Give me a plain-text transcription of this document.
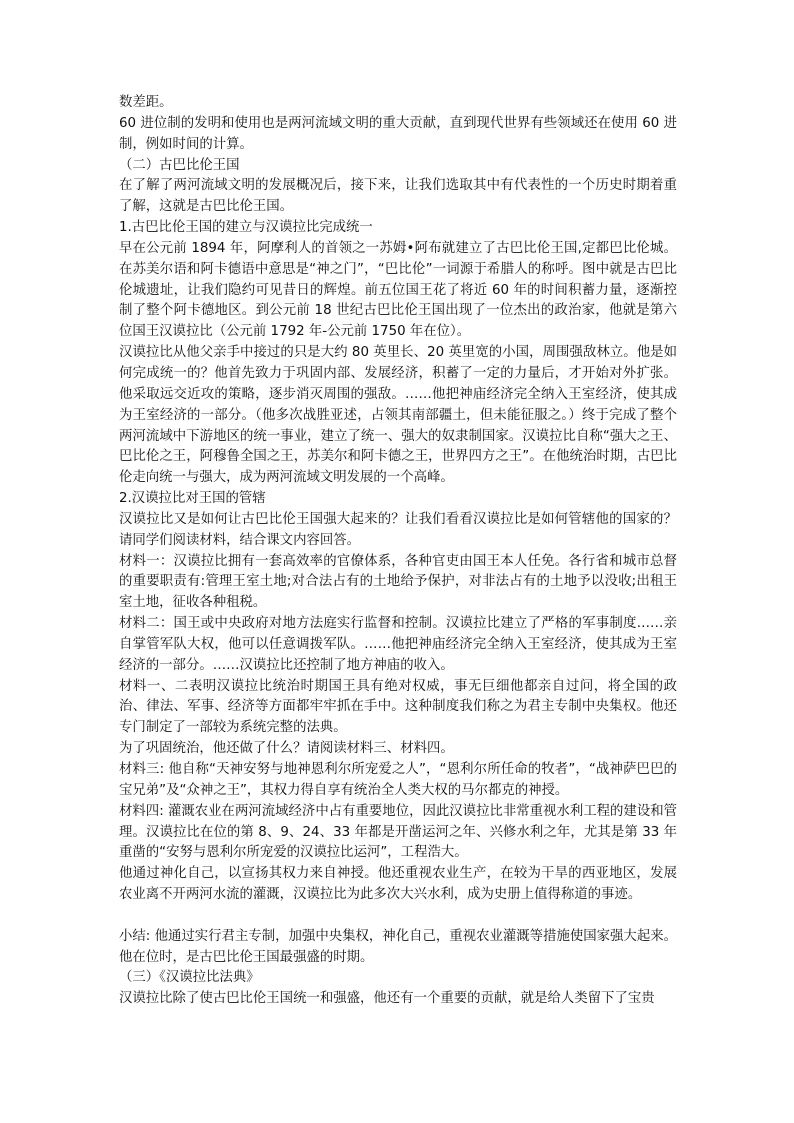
数差距。

60 进位制的发明和使用也是两河流域文明的重大贡献，直到现代世界有些领域还在使用 60 进制，例如时间的计算。

（二）古巴比伦王国

在了解了两河流域文明的发展概况后，接下来，让我们选取其中有代表性的一个历史时期着重了解，这就是古巴比伦王国。

1.古巴比伦王国的建立与汉谟拉比完成统一

早在公元前 1894 年，阿摩利人的首领之一苏姆•阿布就建立了古巴比伦王国,定都巴比伦城。在苏美尔语和阿卡德语中意思是“神之门”，“巴比伦”一词源于希腊人的称呼。图中就是古巴比伦城遗址，让我们隐约可见昔日的辉煌。前五位国王花了将近 60 年的时间积蓄力量，逐渐控制了整个阿卡德地区。到公元前 18 世纪古巴比伦王国出现了一位杰出的政治家，他就是第六位国王汉谟拉比（公元前 1792 年-公元前 1750 年在位）。

汉谟拉比从他父亲手中接过的只是大约 80 英里长、20 英里宽的小国，周围强敌林立。他是如何完成统一的？他首先致力于巩固内部、发展经济，积蓄了一定的力量后，才开始对外扩张。他采取远交近攻的策略，逐步消灭周围的强敌。……他把神庙经济完全纳入王室经济，使其成为王室经济的一部分。（他多次战胜亚述，占领其南部疆土，但未能征服之。）终于完成了整个两河流域中下游地区的统一事业，建立了统一、强大的奴隶制国家。汉谟拉比自称“强大之王、巴比伦之王，阿穆鲁全国之王，苏美尔和阿卡德之王，世界四方之王”。在他统治时期，古巴比伦走向统一与强大，成为两河流域文明发展的一个高峰。

2.汉谟拉比对王国的管辖

汉谟拉比又是如何让古巴比伦王国强大起来的？让我们看看汉谟拉比是如何管辖他的国家的？请同学们阅读材料，结合课文内容回答。

材料一：汉谟拉比拥有一套高效率的官僚体系，各种官吏由国王本人任免。各行省和城市总督的重要职责有:管理王室土地;对合法占有的土地给予保护，对非法占有的土地予以没收;出租王室土地，征收各种租税。

材料二：国王或中央政府对地方法庭实行监督和控制。汉谟拉比建立了严格的军事制度……亲自掌管军队大权，他可以任意调拨军队。……他把神庙经济完全纳入王室经济，使其成为王室经济的一部分。……汉谟拉比还控制了地方神庙的收入。

材料一、二表明汉谟拉比统治时期国王具有绝对权威，事无巨细他都亲自过问，将全国的政治、律法、军事、经济等方面都牢牢抓在手中。这种制度我们称之为君主专制中央集权。他还专门制定了一部较为系统完整的法典。

为了巩固统治，他还做了什么？请阅读材料三、材料四。

材料三: 他自称“天神安努与地神恩利尔所宠爱之人”，“恩利尔所任命的牧者”，“战神萨巴巴的宝兄弟”及“众神之王”，其权力得自享有统治全人类大权的马尔都克的神授。

材料四: 灌溉农业在两河流域经济中占有重要地位，因此汉谟拉比非常重视水利工程的建设和管理。汉谟拉比在位的第 8、9、24、33 年都是开凿运河之年、兴修水利之年，尤其是第 33 年重凿的“安努与恩利尔所宠爱的汉谟拉比运河”，工程浩大。

他通过神化自己，以宣扬其权力来自神授。他还重视农业生产，在较为干旱的西亚地区，发展农业离不开两河水流的灌溉，汉谟拉比为此多次大兴水利，成为史册上值得称道的事迹。

小结: 他通过实行君主专制，加强中央集权，神化自己，重视农业灌溉等措施使国家强大起来。他在位时，是古巴比伦王国最强盛的时期。

（三）《汉谟拉比法典》

汉谟拉比除了使古巴比伦王国统一和强盛，他还有一个重要的贡献，就是给人类留下了宝贵
